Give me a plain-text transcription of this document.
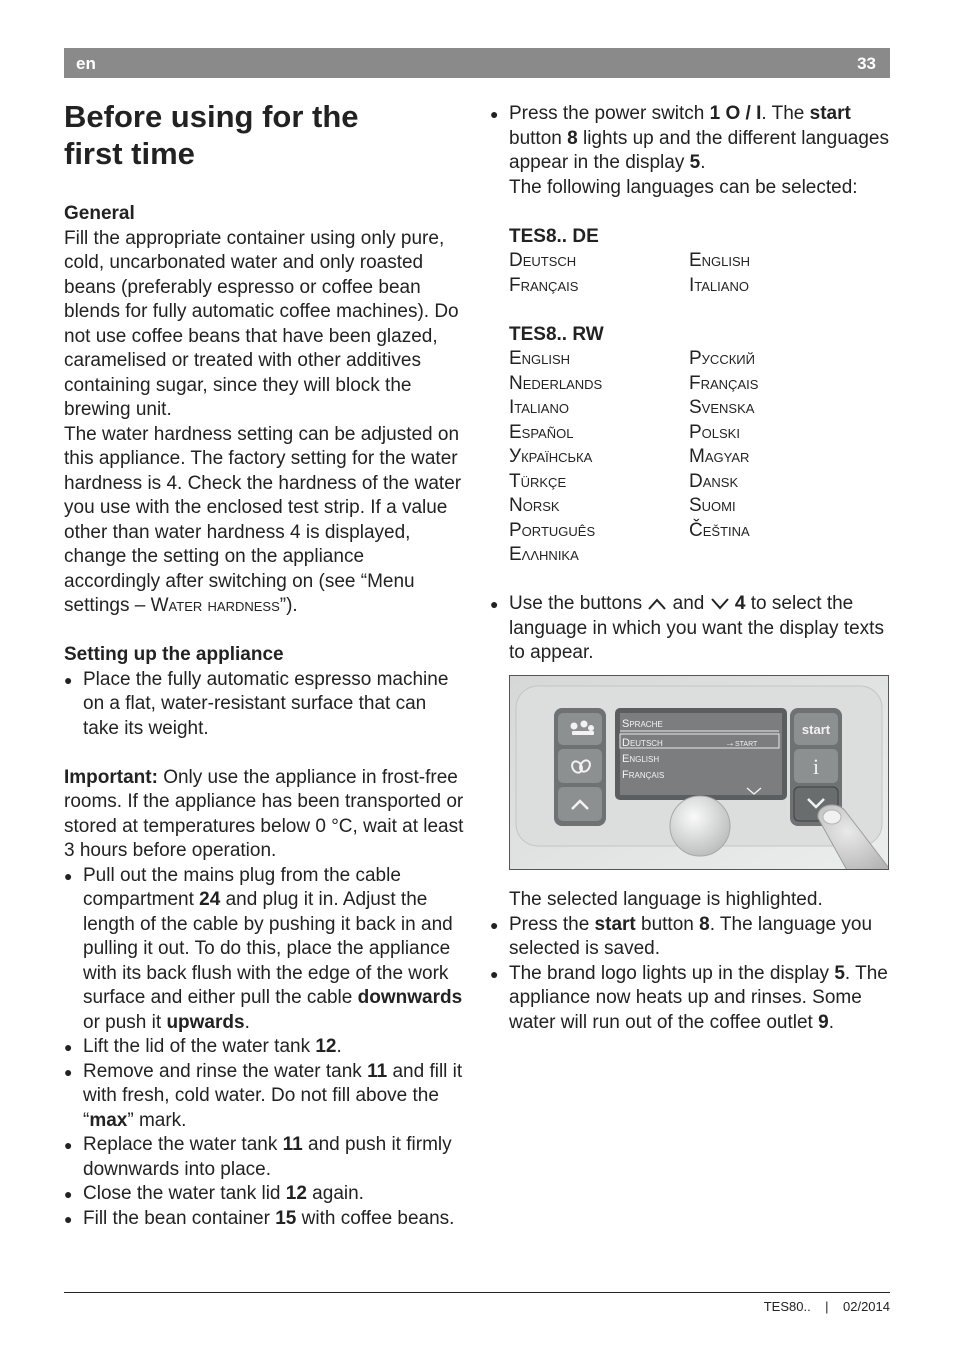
en	33
Before using for the first time
General

Fill the appropriate container using only pure, cold, uncarbonated water and only roasted beans (preferably espresso or coffee bean blends for fully automatic coffee machines). Do not use coffee beans that have been glazed, caramelised or treated with other additives containing sugar, since they will block the brewing unit.

The water hardness setting can be adjusted on this appliance. The factory setting for the water hardness is 4. Check the hardness of the water you use with the enclosed test strip. If a value other than water hardness 4 is displayed, change the setting on the appliance accordingly after switching on (see “Menu settings – Water hardness”).

Setting up the appliance
● Place the fully automatic espresso machine on a flat, water-resistant surface that can take its weight.

Important: Only use the appliance in frost-free rooms. If the appliance has been transported or stored at temperatures below 0 °C, wait at least 3 hours before operation.

● Pull out the mains plug from the cable compartment 24 and plug it in. Adjust the length of the cable by pushing it back in and pulling it out. To do this, place the appliance with its back flush with the edge of the work surface and either pull the cable downwards or push it upwards.
● Lift the lid of the water tank 12.
● Remove and rinse the water tank 11 and fill it with fresh, cold water. Do not fill above the “max” mark.
● Replace the water tank 11 and push it firmly downwards into place.
● Close the water tank lid 12 again.
● Fill the bean container 15 with coffee beans.
● Press the power switch 1 O / I. The start button 8 lights up and the different languages appear in the display 5.

The following languages can be selected:

TES8.. DE
Deutsch	English
Français	Italiano
TES8.. RW
English	Русский
Nederlands	Français
Italiano	Svenska
Español	Polski
Українська	Magyar
Türkçe	Dansk
Norsk	Suomi
Português	Čeština
Ελληνικα
● Use the buttons  and  4 to select the language in which you want the display texts to appear.
Sprache
Deutsch	→start
English
Français
start
i

The selected language is highlighted.

● Press the start button 8. The language you selected is saved.
● The brand logo lights up in the display 5. The appliance now heats up and rinses. Some water will run out of the coffee outlet 9.
TES80.. | 02/2014
